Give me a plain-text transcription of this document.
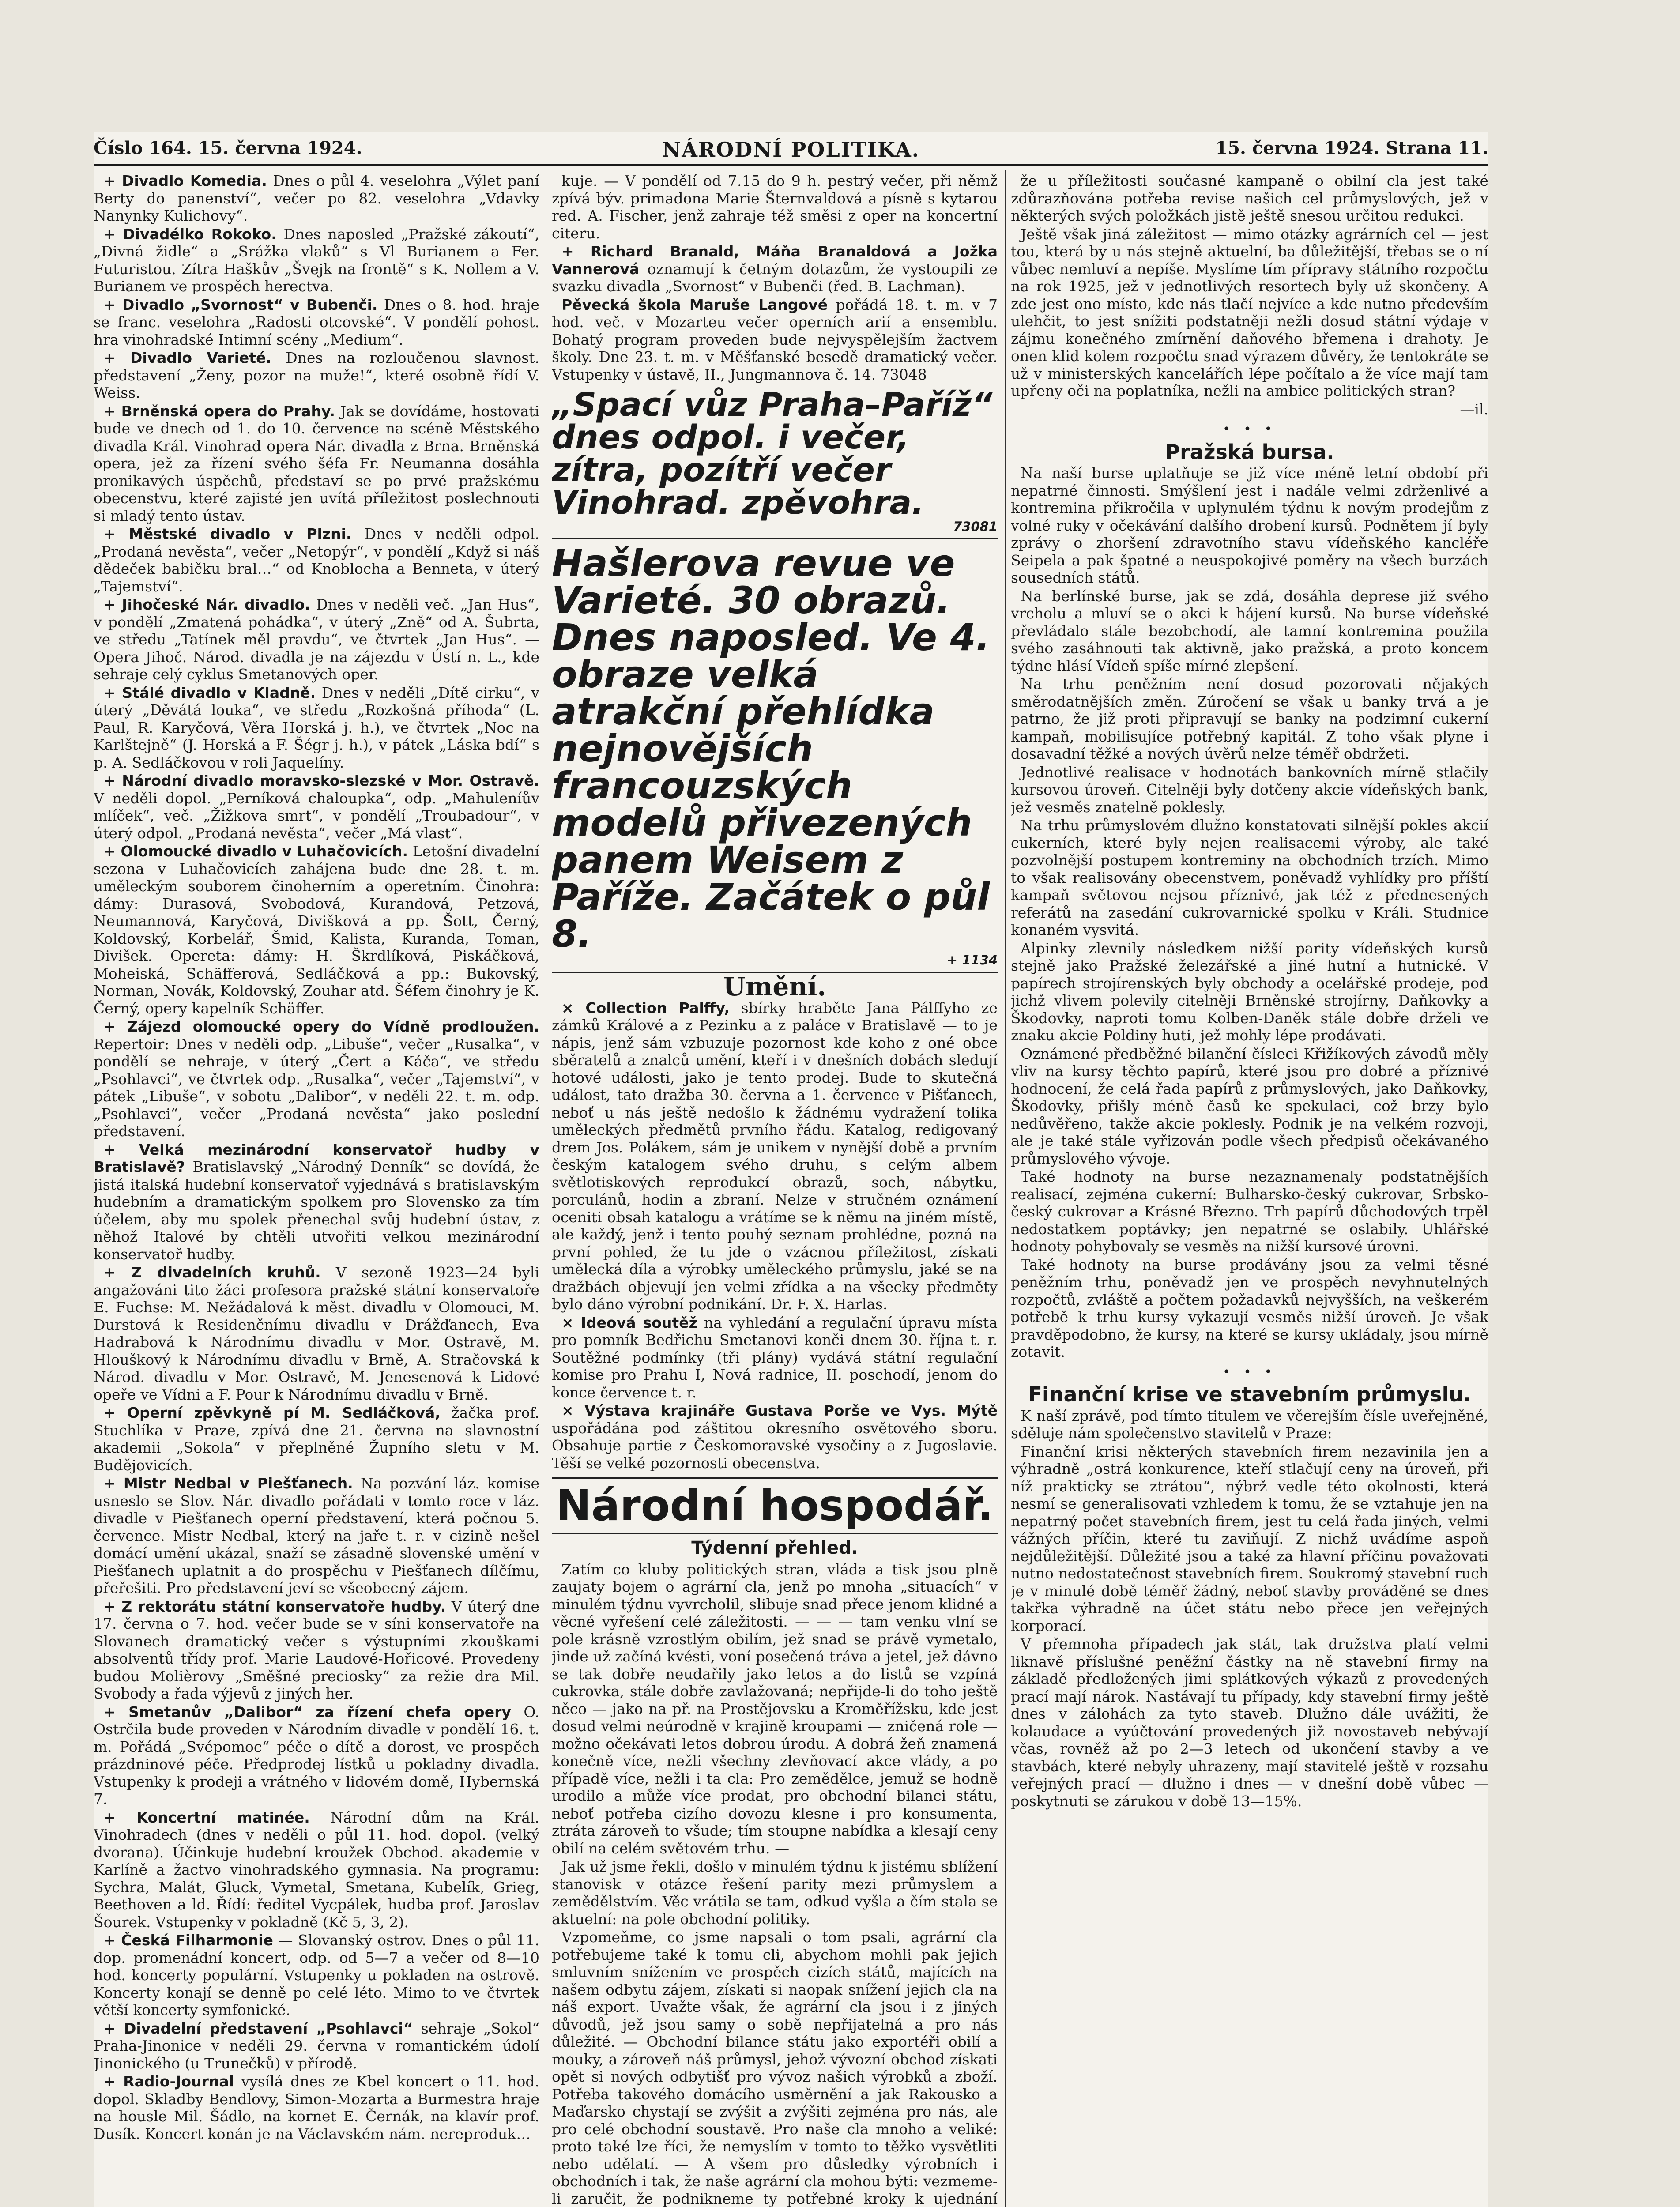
Číslo 164. 15. června 1924.	NÁRODNÍ POLITIKA.	15. června 1924. Strana 11.

+ Divadlo Komedia. Dnes o půl 4. veselohra „Výlet paní Berty do panenství“, večer po 82. veselohra „Vdavky Nanynky Kulichovy“.

+ Divadélko Rokoko. Dnes naposled „Pražské zákoutí“, „Divná židle“ a „Srážka vlaků“ s Vl Burianem a Fer. Futuristou. Zítra Haškův „Švejk na frontě“ s K. Nollem a V. Burianem ve prospěch herectva.

+ Divadlo „Svornost“ v Bubenči. Dnes o 8. hod. hraje se franc. veselohra „Radosti otcovské“. V pondělí pohost. hra vinohradské Intimní scény „Medium“.

+ Divadlo Varieté. Dnes na rozloučenou slavnost. představení „Ženy, pozor na muže!“, které osobně řídí V. Weiss.

+ Brněnská opera do Prahy. Jak se dovídáme, hostovati bude ve dnech od 1. do 10. července na scéně Městského divadla Král. Vinohrad opera Nár. divadla z Brna. Brněnská opera, jež za řízení svého šéfa Fr. Neumanna dosáhla pronikavých úspěchů, představí se po prvé pražskému obecenstvu, které zajisté jen uvítá příležitost poslechnouti si mladý tento ústav.

+ Městské divadlo v Plzni. Dnes v neděli odpol. „Prodaná nevěsta“, večer „Netopýr“, v pondělí „Když si náš dědeček babičku bral…“ od Knoblocha a Benneta, v úterý „Tajemství“.

+ Jihočeské Nár. divadlo. Dnes v neděli več. „Jan Hus“, v pondělí „Zmatená pohádka“, v úterý „Zně“ od A. Šubrta, ve středu „Tatínek měl pravdu“, ve čtvrtek „Jan Hus“. — Opera Jihoč. Národ. divadla je na zájezdu v Ústí n. L., kde sehraje celý cyklus Smetanových oper.

+ Stálé divadlo v Kladně. Dnes v neděli „Dítě cirku“, v úterý „Děvátá louka“, ve středu „Rozkošná příhoda“ (L. Paul, R. Karyčová, Věra Horská j. h.), ve čtvrtek „Noc na Karlštejně“ (J. Horská a F. Šégr j. h.), v pátek „Láska bdí“ s p. A. Sedláčkovou v roli Jaquelíny.

+ Národní divadlo moravsko-slezské v Mor. Ostravě. V neděli dopol. „Perníková chaloupka“, odp. „Mahuleníův mlíček“, več. „Žižkova smrt“, v pondělí „Troubadour“, v úterý odpol. „Prodaná nevěsta“, večer „Má vlast“.

+ Olomoucké divadlo v Luhačovicích. Letošní divadelní sezona v Luhačovicích zahájena bude dne 28. t. m. uměleckým souborem činoherním a operetním. Činohra: dámy: Durasová, Svobodová, Kurandová, Petzová, Neumannová, Karyčová, Divišková a pp. Šott, Černý, Koldovský, Korbelář, Šmid, Kalista, Kuranda, Toman, Divišek. Opereta: dámy: H. Škrdlíková, Piskáčková, Moheiská, Schäfferová, Sedláčková a pp.: Bukovský, Norman, Novák, Koldovský, Zouhar atd. Šéfem činohry je K. Černý, opery kapelník Schäffer.

+ Zájezd olomoucké opery do Vídně prodloužen. Repertoir: Dnes v neděli odp. „Libuše“, večer „Rusalka“, v pondělí se nehraje, v úterý „Čert a Káča“, ve středu „Psohlavci“, ve čtvrtek odp. „Rusalka“, večer „Tajemství“, v pátek „Libuše“, v sobotu „Dalibor“, v neděli 22. t. m. odp. „Psohlavci“, večer „Prodaná nevěsta“ jako poslední představení.

+ Velká mezinárodní konservatoř hudby v Bratislavě? Bratislavský „Národný Denník“ se dovídá, že jistá italská hudební konservatoř vyjednává s bratislavským hudebním a dramatickým spolkem pro Slovensko za tím účelem, aby mu spolek přenechal svůj hudební ústav, z něhož Italové by chtěli utvořiti velkou mezinárodní konservatoř hudby.

+ Z divadelních kruhů. V sezoně 1923—24 byli angažováni tito žáci profesora pražské státní konservatoře E. Fuchse: M. Nežádalová k měst. divadlu v Olomouci, M. Durstová k Residenčnímu divadlu v Drážďanech, Eva Hadrabová k Národnímu divadlu v Mor. Ostravě, M. Hlouškový k Národnímu divadlu v Brně, A. Stračovská k Národ. divadlu v Mor. Ostravě, M. Jenesenová k Lidové opeře ve Vídni a F. Pour k Národnímu divadlu v Brně.

+ Operní zpěvkyně pí M. Sedláčková, žačka prof. Stuchlíka v Praze, zpívá dne 21. června na slavnostní akademii „Sokola“ v přeplněné Župního sletu v M. Budějovicích.

+ Mistr Nedbal v Piešťanech. Na pozvání láz. komise usneslo se Slov. Nár. divadlo pořádati v tomto roce v láz. divadle v Piešťanech operní představení, která počnou 5. července. Mistr Nedbal, který na jaře t. r. v cizině nešel domácí umění ukázal, snaží se zásadně slovenské umění v Piešťanech uplatnit a do prospěchu v Piešťanech dílčímu, přeřešiti. Pro představení jeví se všeobecný zájem.

+ Z rektorátu státní konservatoře hudby. V úterý dne 17. června o 7. hod. večer bude se v síni konservatoře na Slovanech dramatický večer s výstupními zkouškami absolventů třídy prof. Marie Laudové-Hořicové. Provedeny budou Molièrovy „Směšné preciosky“ za režie dra Mil. Svobody a řada výjevů z jiných her.

+ Smetanův „Dalibor“ za řízení chefa opery O. Ostrčila bude proveden v Národním divadle v pondělí 16. t. m. Pořádá „Svépomoc“ péče o dítě a dorost, ve prospěch prázdninové péče. Předprodej lístků u pokladny divadla. Vstupenky k prodeji a vrátného v lidovém domě, Hybernská 7.

+ Koncertní matinée. Národní dům na Král. Vinohradech (dnes v neděli o půl 11. hod. dopol. (velký dvorana). Účinkuje hudební kroužek Obchod. akademie v Karlíně a žactvo vinohradského gymnasia. Na programu: Sychra, Malát, Gluck, Vymetal, Smetana, Kubelík, Grieg, Beethoven a ld. Řídí: ředitel Vycpálek, hudba prof. Jaroslav Šourek. Vstupenky v pokladně (Kč 5, 3, 2).

+ Česká Filharmonie — Slovanský ostrov. Dnes o půl 11. dop. promenádní koncert, odp. od 5—7 a večer od 8—10 hod. koncerty populární. Vstupenky u pokladen na ostrově. Koncerty konají se denně po celé léto. Mimo to ve čtvrtek větší koncerty symfonické.

+ Divadelní představení „Psohlavci“ sehraje „Sokol“ Praha-Jinonice v neděli 29. června v romantickém údolí Jinonického (u Trunečků) v přírodě.

+ Radio-Journal vysílá dnes ze Kbel koncert o 11. hod. dopol. Skladby Bendlovy, Simon-Mozarta a Burmestra hraje na housle Mil. Šádlo, na kornet E. Černák, na klavír prof. Dusík. Koncert konán je na Václavském nám. nereproduk…

kuje. — V pondělí od 7.15 do 9 h. pestrý večer, při němž zpívá býv. primadona Marie Šternvaldová a písně s kytarou red. A. Fischer, jenž zahraje též směsi z oper na koncertní citeru.

+ Richard Branald, Máňa Branaldová a Jožka Vannerová oznamují k četným dotazům, že vystoupili ze svazku divadla „Svornost“ v Bubenči (řed. B. Lachman).

Pěvecká škola Maruše Langové pořádá 18. t. m. v 7 hod. več. v Mozarteu večer operních arií a ensemblu. Bohatý program proveden bude nejvyspělejším žactvem školy. Dne 23. t. m. v Měšťanské besedě dramatický večer. Vstupenky v ústavě, II., Jungmannova č. 14. 73048

„Spací vůz Praha–Paříž“ dnes odpol. i večer, zítra, pozítří večer Vinohrad. zpěvohra.
73081
Hašlerova revue ve Varieté. 30 obrazů. Dnes naposled. Ve 4. obraze velká atrakční přehlídka nejnovějších francouzských modelů přivezených panem Weisem z Paříže. Začátek o půl 8.
+ 1134
Umění.

× Collection Palffy, sbírky hraběte Jana Pálffyho ze zámků Králové a z Pezinku a z paláce v Bratislavě — to je nápis, jenž sám vzbuzuje pozornost kde koho z oné obce sběratelů a znalců umění, kteří i v dnešních dobách sledují hotové události, jako je tento prodej. Bude to skutečná událost, tato dražba 30. června a 1. července v Pišťanech, neboť u nás ještě nedošlo k žádnému vydražení tolika uměleckých předmětů prvního řádu. Katalog, redigovaný drem Jos. Polákem, sám je unikem v nynější době a prvním českým katalogem svého druhu, s celým albem světlotiskových reprodukcí obrazů, soch, nábytku, porculánů, hodin a zbraní. Nelze v stručném oznámení oceniti obsah katalogu a vrátíme se k němu na jiném místě, ale každý, jenž i tento pouhý seznam prohlédne, pozná na první pohled, že tu jde o vzácnou příležitost, získati umělecká díla a výrobky uměleckého průmyslu, jaké se na dražbách objevují jen velmi zřídka a na všecky předměty bylo dáno výrobní podnikání. Dr. F. X. Harlas.

× Ideová soutěž na vyhledání a regulační úpravu místa pro pomník Bedřichu Smetanovi konči dnem 30. října t. r. Soutěžné podmínky (tři plány) vydává státní regulační komise pro Prahu I, Nová radnice, II. poschodí, jenom do konce července t. r.

× Výstava krajináře Gustava Porše ve Vys. Mýtě uspořádána pod záštitou okresního osvětového sboru. Obsahuje partie z Českomoravské vysočiny a z Jugoslavie. Těší se velké pozornosti obecenstva.

Národní hospodář.
Týdenní přehled.

Zatím co kluby politických stran, vláda a tisk jsou plně zaujaty bojem o agrární cla, jenž po mnoha „situacích“ v minulém týdnu vyvrcholil, slibuje snad přece jenom klidné a věcné vyřešení celé záležitosti. — — — tam venku vlní se pole krásně vzrostlým obilím, jež snad se právě vymetalo, jinde už začíná kvésti, voní posečená tráva a jetel, jež dávno se tak dobře neudařily jako letos a do listů se vzpíná cukrovka, stále dobře zavlažovaná; nepřijde-li do toho ještě něco — jako na př. na Prostějovsku a Kroměřížsku, kde jest dosud velmi neúrodně v krajině kroupami — zničená role — možno očekávati letos dobrou úrodu. A dobrá žeň znamená konečně více, nežli všechny zlevňovací akce vlády, a po případě více, nežli i ta cla: Pro zemědělce, jemuž se hodně urodilo a může více prodat, pro obchodní bilanci státu, neboť potřeba cizího dovozu klesne i pro konsumenta, ztráta zároveň to všude; tím stoupne nabídka a klesají ceny obilí na celém světovém trhu. —

Jak už jsme řekli, došlo v minulém týdnu k jistému sblížení stanovisk v otázce řešení parity mezi průmyslem a zemědělstvím. Věc vrátila se tam, odkud vyšla a čím stala se aktuelní: na pole obchodní politiky.

Vzpomeňme, co jsme napsali o tom psali, agrární cla potřebujeme také k tomu cli, abychom mohli pak jejich smluvním snížením ve prospěch cizích států, majících na našem odbytu zájem, získati si naopak snížení jejich cla na náš export. Uvažte však, že agrární cla jsou i z jiných důvodů, jež jsou samy o sobě nepřijatelná a pro nás důležité. — Obchodní bilance státu jako exportéři obilí a mouky, a zároveň náš průmysl, jehož vývozní obchod získati opět si nových odbytišť pro vývoz našich výrobků a zboží. Potřeba takového domácího usměrnění a jak Rakousko a Maďarsko chystají se zvýšit a zvýšiti zejména pro nás, ale pro celé obchodní soustavě. Pro naše cla mnoho a veliké: proto také lze říci, že nemyslím v tomto to těžko vysvětliti nebo udělatí. — A všem pro důsledky výrobních i obchodních i tak, že naše agrární cla mohou býti: vezmeme-li zaručit, že podnikneme ty potřebné kroky k ujednání

že u příležitosti současné kampaně o obilní cla jest také zdůrazňována potřeba revise našich cel průmyslových, jež v některých svých položkách jistě ještě snesou určitou redukci.

Ještě však jiná záležitost — mimo otázky agrárních cel — jest tou, která by u nás stejně aktuelní, ba důležitější, třebas se o ní vůbec nemluví a nepíše. Myslíme tím přípravy státního rozpočtu na rok 1925, jež v jednotlivých resortech byly už skončeny. A zde jest ono místo, kde nás tlačí nejvíce a kde nutno především ulehčit, to jest snížiti podstatněji nežli dosud státní výdaje v zájmu konečného zmírnění daňového břemena i drahoty. Je onen klid kolem rozpočtu snad výrazem důvěry, že tentokráte se už v ministerských kancelářích lépe počítalo a že více mají tam upřeny oči na poplatníka, nežli na ambice politických stran?

—il.
• • •
Pražská bursa.

Na naší burse uplatňuje se již více méně letní období při nepatrné činnosti. Smýšlení jest i nadále velmi zdrženlivé a kontremina přikročila v uplynulém týdnu k novým prodejům z volné ruky v očekávání dalšího drobení kursů. Podnětem jí byly zprávy o zhoršení zdravotního stavu vídeňského kancléře Seipela a pak špatné a neuspokojivé poměry na všech burzách sousedních států.

Na berlínské burse, jak se zdá, dosáhla deprese již svého vrcholu a mluví se o akci k hájení kursů. Na burse vídeňské převládalo stále bezobchodí, ale tamní kontremina použila svého zasáhnouti tak aktivně, jako pražská, a proto koncem týdne hlásí Vídeň spíše mírné zlepšení.

Na trhu peněžním není dosud pozorovati nějakých směrodatnějších změn. Zúročení se však u banky trvá a je patrno, že již proti připravují se banky na podzimní cukerní kampaň, mobilisujíce potřebný kapitál. Z toho však plyne i dosavadní těžké a nových úvěrů nelze téměř obdržeti.

Jednotlivé realisace v hodnotách bankovních mírně stlačily kursovou úroveň. Citelněji byly dotčeny akcie vídeňských bank, jež vesměs znatelně poklesly.

Na trhu průmyslovém dlužno konstatovati silnější pokles akcií cukerních, které byly nejen realisacemi výroby, ale také pozvolnější postupem kontreminy na obchodních trzích. Mimo to však realisovány obecenstvem, poněvadž vyhlídky pro příští kampaň světovou nejsou příznivé, jak též z přednesených referátů na zasedání cukrovarnické spolku v Králi. Studnice konaném vysvitá.

Alpinky zlevnily následkem nižší parity vídeňských kursů stejně jako Pražské železářské a jiné hutní a hutnické. V papírech strojírenských byly obchody a ocelářské prodeje, pod jichž vlivem polevily citelněji Brněnské strojírny, Daňkovky a Škodovky, naproti tomu Kolben-Daněk stále dobře drželi ve znaku akcie Poldiny huti, jež mohly lépe prodávati.

Oznámené předběžné bilanční čísleci Křižíkových závodů měly vliv na kursy těchto papírů, které jsou pro dobré a příznivé hodnocení, že celá řada papírů z průmyslových, jako Daňkovky, Škodovky, přišly méně časů ke spekulaci, což brzy bylo nedůvěřeno, takže akcie poklesly. Podnik je na velkém rozvoji, ale je také stále vyřizován podle všech předpisů očekávaného průmyslového vývoje.

Také hodnoty na burse nezaznamenaly podstatnějších realisací, zejména cukerní: Bulharsko-český cukrovar, Srbsko-český cukrovar a Krásné Březno. Trh papírů důchodových trpěl nedostatkem poptávky; jen nepatrné se oslabily. Uhlářské hodnoty pohybovaly se vesměs na nižší kursové úrovni.

Také hodnoty na burse prodávány jsou za velmi těsné peněžním trhu, poněvadž jen ve prospěch nevyhnutelných rozpočtů, zvláště a počtem požadavků nejvyšších, na veškerém potřebě k trhu kursy vykazují vesměs nižší úroveň. Je však pravděpodobno, že kursy, na které se kursy ukládaly, jsou mírně zotavit.

• • •
Finanční krise ve stavebním průmyslu.

K naší zprávě, pod tímto titulem ve včerejším čísle uveřejněné, sděluje nám společenstvo stavitelů v Praze:

Finanční krisi některých stavebních firem nezavinila jen a výhradně „ostrá konkurence, kteří stlačují ceny na úroveň, při níž prakticky se ztrátou“, nýbrž vedle této okolnosti, která nesmí se generalisovati vzhledem k tomu, že se vztahuje jen na nepatrný počet stavebních firem, jest tu celá řada jiných, velmi vážných příčin, které tu zaviňují. Z nichž uvádíme aspoň nejdůležitější. Důležité jsou a také za hlavní příčinu považovati nutno nedostatečnost stavebních firem. Soukromý stavební ruch je v minulé době téměř žádný, neboť stavby prováděné se dnes takřka výhradně na účet státu nebo přece jen veřejných korporací.

V přemnoha případech jak stát, tak družstva platí velmi liknavě příslušné peněžní částky na ně stavební firmy na základě předložených jimi splátkových výkazů z provedených prací mají nárok. Nastávají tu případy, kdy stavební firmy ještě dnes v zálohách za tyto staveb. Dlužno dále uvážiti, že kolaudace a vyúčtování provedených již novostaveb nebývají včas, rovněž až po 2—3 letech od ukončení stavby a ve stavbách, které nebyly uhrazeny, mají stavitelé ještě v rozsahu veřejných prací — dlužno i dnes — v dnešní době vůbec — poskytnuti se zárukou v době 13—15%.
